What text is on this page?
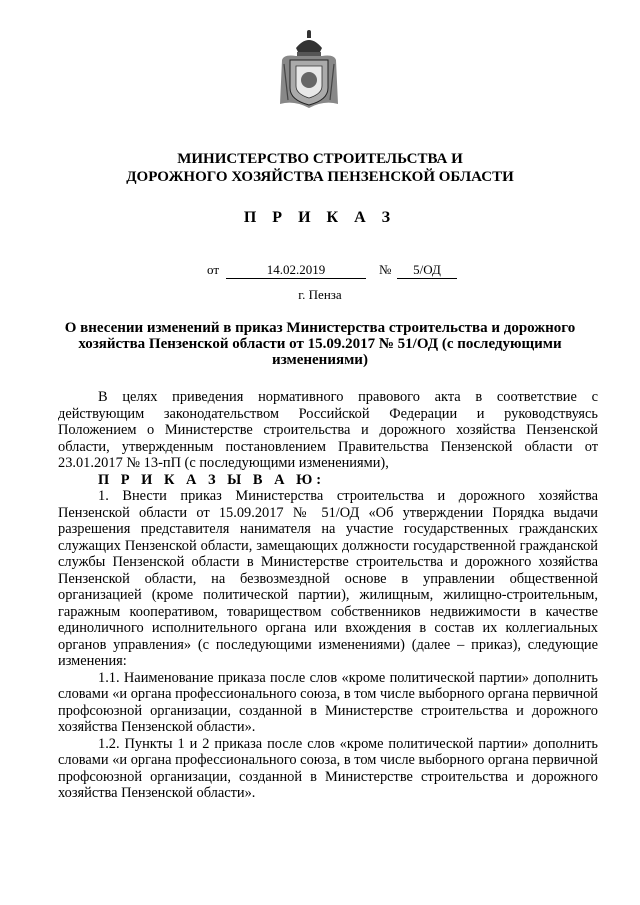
МИНИСТЕРСТВО СТРОИТЕЛЬСТВА И
ДОРОЖНОГО ХОЗЯЙСТВА ПЕНЗЕНСКОЙ ОБЛАСТИ
П Р И К А З
от	14.02.2019	№	5/ОД
г. Пенза
О внесении изменений в приказ Министерства строительства и дорожного хозяйства Пензенской области от 15.09.2017 № 51/ОД (с последующими изменениями)

В целях приведения нормативного правового акта в соответствие с действующим законодательством Российской Федерации и руководствуясь Положением о Министерстве строительства и дорожного хозяйства Пензенской области, утвержденным постановлением Правительства Пензенской области от 23.01.2017 № 13-пП (с последующими изменениями),

П Р И К А З Ы В А Ю:

1. Внести приказ Министерства строительства и дорожного хозяйства Пензенской области от 15.09.2017 № 51/ОД «Об утверждении Порядка выдачи разрешения представителя нанимателя на участие государственных гражданских служащих Пензенской области, замещающих должности государственной гражданской службы Пензенской области в Министерстве строительства и дорожного хозяйства Пензенской области, на безвозмездной основе в управлении общественной организацией (кроме политической партии), жилищным, жилищно-строительным, гаражным кооперативом, товариществом собственников недвижимости в качестве единоличного исполнительного органа или вхождения в состав их коллегиальных органов управления» (с последующими изменениями) (далее – приказ), следующие изменения:

1.1. Наименование приказа после слов «кроме политической партии» дополнить словами «и органа профессионального союза, в том числе выборного органа первичной профсоюзной организации, созданной в Министерстве строительства и дорожного хозяйства Пензенской области».

1.2. Пункты 1 и 2 приказа после слов «кроме политической партии» дополнить словами «и органа профессионального союза, в том числе выборного органа первичной профсоюзной организации, созданной в Министерстве строительства и дорожного хозяйства Пензенской области».
